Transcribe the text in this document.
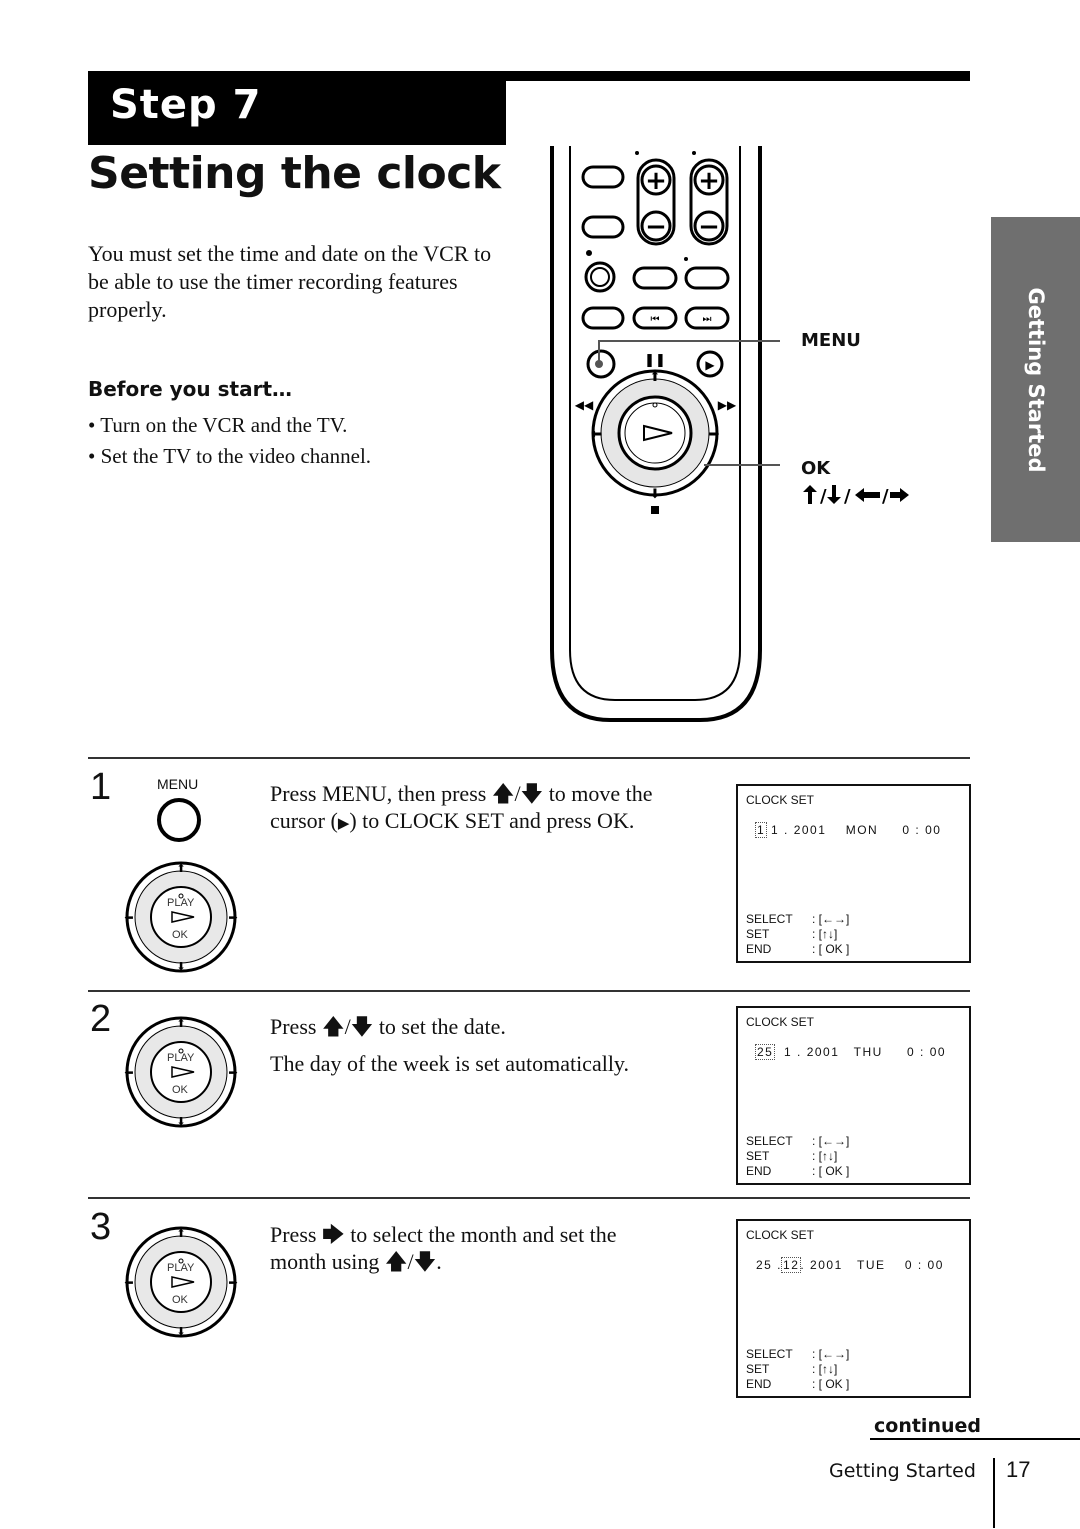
Step 7
Setting the clock
You must set the time and date on the VCR to be able to use the timer recording features properly.
Before you start…
• Turn on the VCR and the TV.
• Set the TV to the video channel.	Getting Started
+
−
+
−
⏮	⏭
❚❚	▶
⬆
⬇
⬅	➡
◀◀	▶▶
MENU
OK
/ / /
1	MENU
⬆
⬇
⬅	➡
PLAY
OK
Press MENU, then press 🡅/🡇 to move the
cursor (▶) to CLOCK SET and press OK.
CLOCK SET
1 1 . 2001    MON     0 : 00
SELECT : [←→]
SET	: [↑↓]
END	: [ OK ]
2	⬆
⬇
⬅	➡
PLAY
OK
Press 🡅/🡇 to set the date.
The day of the week is set automatically.
CLOCK SET
25  1 . 2001   THU     0 : 00
SELECT : [←→]
SET	: [↑↓]
END	: [ OK ]
3	⬆
⬇
⬅	➡
PLAY
OK
Press 🡆 to select the month and set the
month using 🡅/🡇.
CLOCK SET
25 .12. 2001   TUE    0 : 00
SELECT : [←→]
SET	: [↑↓]
END	: [ OK ]
continued
Getting Started 17
